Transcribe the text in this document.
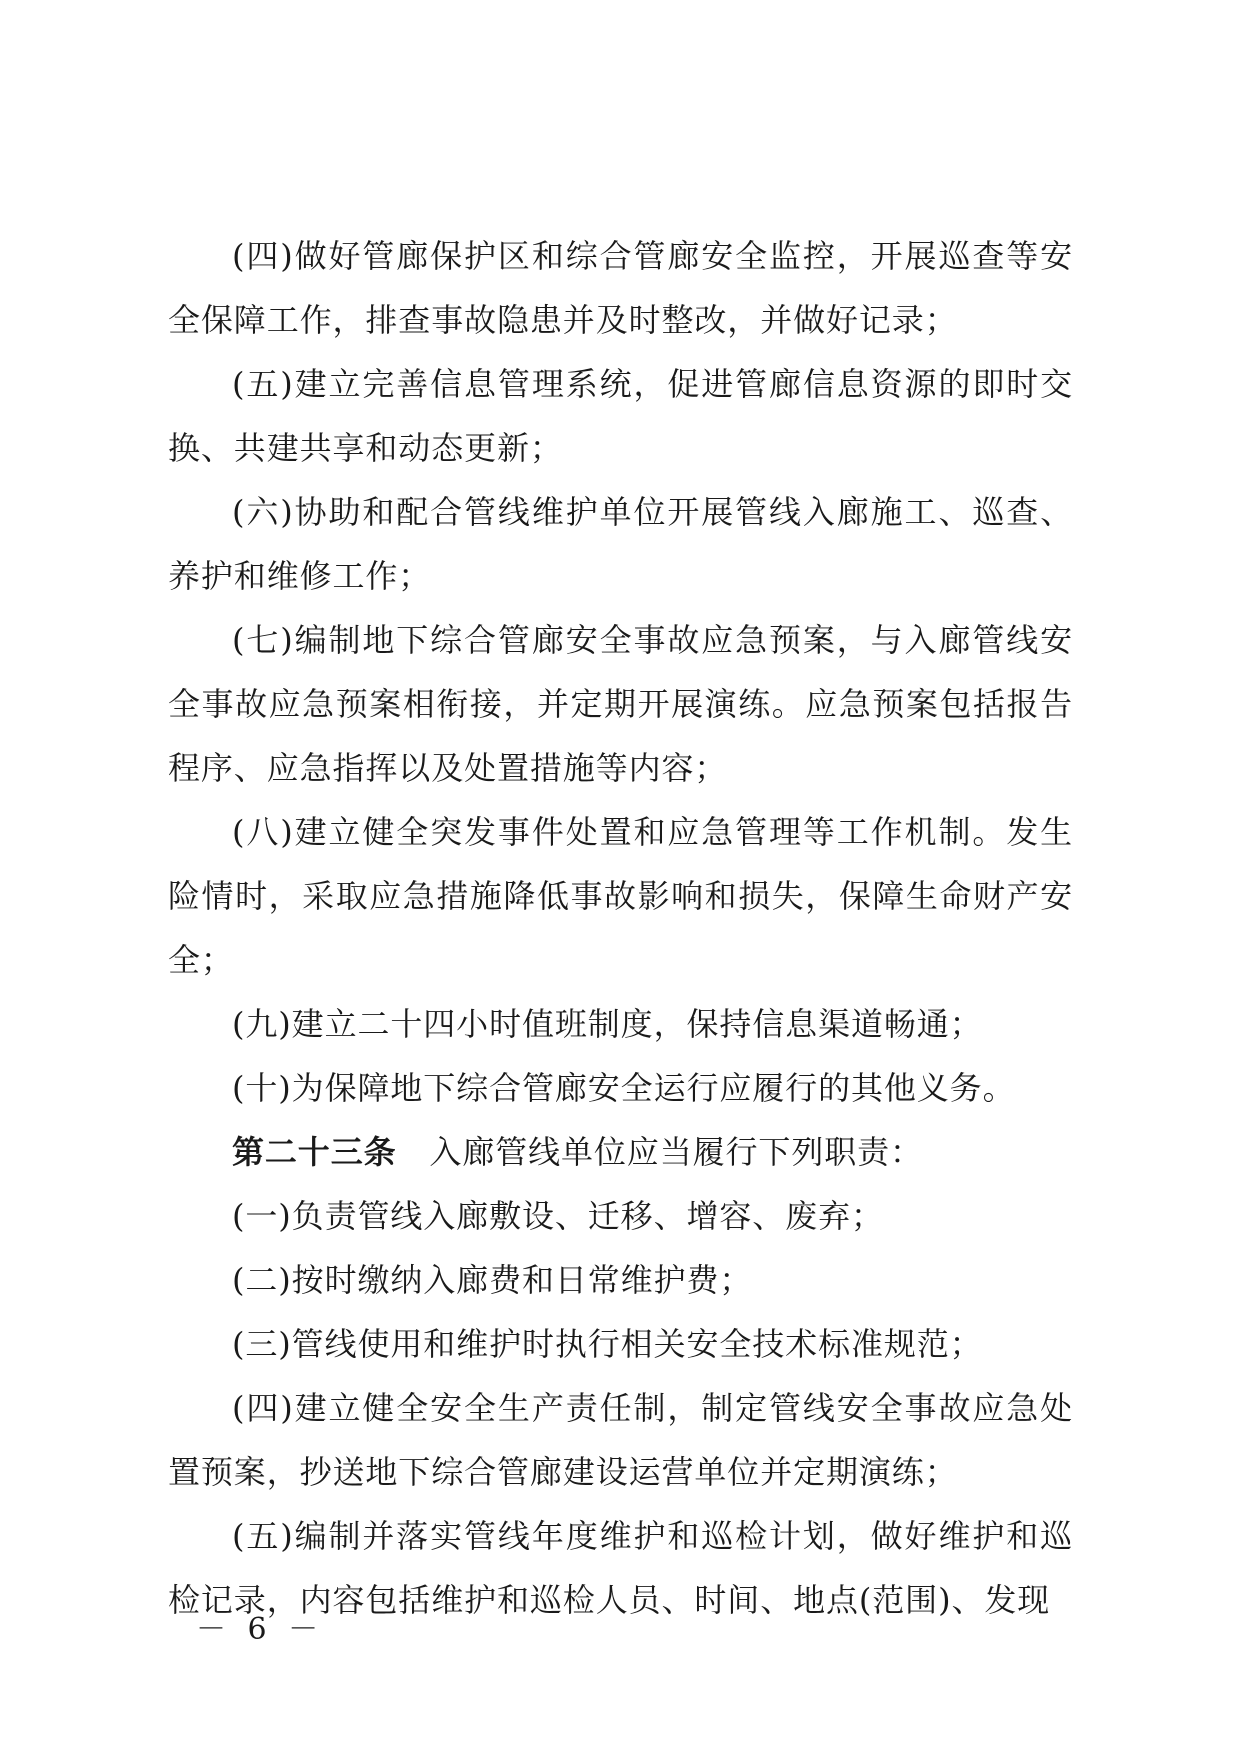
(四)做好管廊保护区和综合管廊安全监控，开展巡查等安全保障工作，排查事故隐患并及时整改，并做好记录；

(五)建立完善信息管理系统，促进管廊信息资源的即时交换、共建共享和动态更新；

(六)协助和配合管线维护单位开展管线入廊施工、巡查、养护和维修工作；

(七)编制地下综合管廊安全事故应急预案，与入廊管线安全事故应急预案相衔接，并定期开展演练。应急预案包括报告程序、应急指挥以及处置措施等内容；

(八)建立健全突发事件处置和应急管理等工作机制。发生险情时，采取应急措施降低事故影响和损失，保障生命财产安全；

(九)建立二十四小时值班制度，保持信息渠道畅通；

(十)为保障地下综合管廊安全运行应履行的其他义务。

第二十三条　 入廊管线单位应当履行下列职责：

(一)负责管线入廊敷设、迁移、增容、废弃；

(二)按时缴纳入廊费和日常维护费；

(三)管线使用和维护时执行相关安全技术标准规范；

(四)建立健全安全生产责任制，制定管线安全事故应急处置预案，抄送地下综合管廊建设运营单位并定期演练；

(五)编制并落实管线年度维护和巡检计划，做好维护和巡检记录，内容包括维护和巡检人员、时间、地点(范围)、发现

－ 6 －
